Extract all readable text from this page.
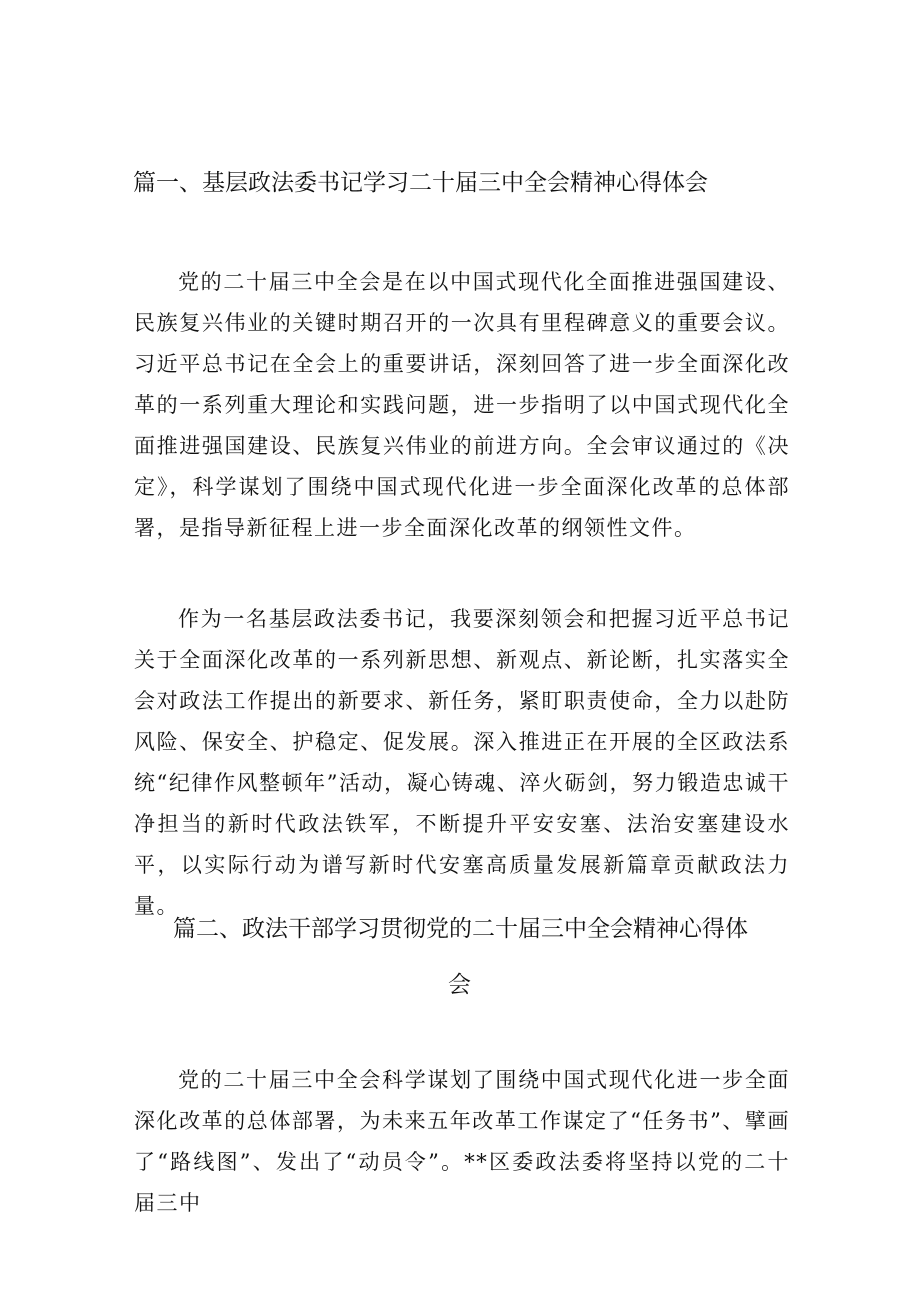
篇一、基层政法委书记学习二十届三中全会精神心得体会
党的二十届三中全会是在以中国式现代化全面推进强国建设、民族复兴伟业的关键时期召开的一次具有里程碑意义的重要会议。习近平总书记在全会上的重要讲话，深刻回答了进一步全面深化改革的一系列重大理论和实践问题，进一步指明了以中国式现代化全面推进强国建设、民族复兴伟业的前进方向。全会审议通过的《决定》，科学谋划了围绕中国式现代化进一步全面深化改革的总体部署，是指导新征程上进一步全面深化改革的纲领性文件。
作为一名基层政法委书记，我要深刻领会和把握习近平总书记关于全面深化改革的一系列新思想、新观点、新论断，扎实落实全会对政法工作提出的新要求、新任务，紧盯职责使命，全力以赴防风险、保安全、护稳定、促发展。深入推进正在开展的全区政法系统“纪律作风整顿年”活动，凝心铸魂、淬火砺剑，努力锻造忠诚干净担当的新时代政法铁军，不断提升平安安塞、法治安塞建设水平，以实际行动为谱写新时代安塞高质量发展新篇章贡献政法力量。
篇二、政法干部学习贯彻党的二十届三中全会精神心得体
会
党的二十届三中全会科学谋划了围绕中国式现代化进一步全面深化改革的总体部署，为未来五年改革工作谋定了“任务书”、擘画了“路线图”、发出了“动员令”。**区委政法委将坚持以党的二十届三中
